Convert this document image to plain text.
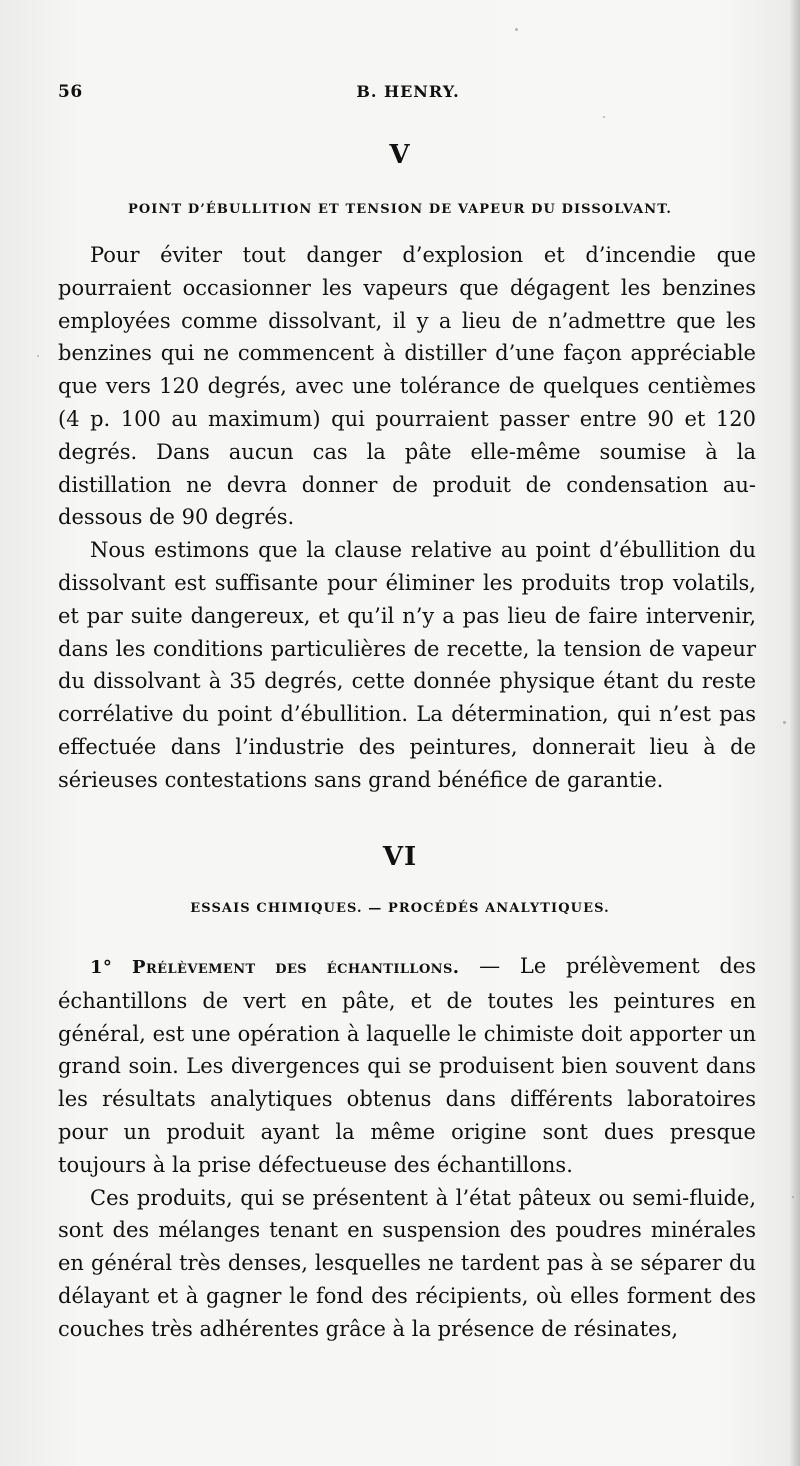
56	B. HENRY.
V
POINT D’ÉBULLITION ET TENSION DE VAPEUR DU DISSOLVANT.

Pour éviter tout danger d’explosion et d’incendie que pourraient occasionner les vapeurs que dégagent les benzines employées comme dissolvant, il y a lieu de n’admettre que les benzines qui ne commencent à distiller d’une façon appréciable que vers 120 degrés, avec une tolérance de quelques centièmes (4 p. 100 au maximum) qui pourraient passer entre 90 et 120 degrés. Dans aucun cas la pâte elle-même soumise à la distillation ne devra donner de produit de condensation au-dessous de 90 degrés.

Nous estimons que la clause relative au point d’ébullition du dissolvant est suffisante pour éliminer les produits trop volatils, et par suite dangereux, et qu’il n’y a pas lieu de faire intervenir, dans les conditions particulières de recette, la tension de vapeur du dissolvant à 35 degrés, cette donnée physique étant du reste corrélative du point d’ébullition. La détermination, qui n’est pas effectuée dans l’industrie des peintures, donnerait lieu à de sérieuses contestations sans grand bénéfice de garantie.

VI
ESSAIS CHIMIQUES. — PROCÉDÉS ANALYTIQUES.

1° Prélèvement des échantillons. — Le prélèvement des échantillons de vert en pâte, et de toutes les peintures en général, est une opération à laquelle le chimiste doit apporter un grand soin. Les divergences qui se produisent bien souvent dans les résultats analytiques obtenus dans différents laboratoires pour un produit ayant la même origine sont dues presque toujours à la prise défectueuse des échantillons.

Ces produits, qui se présentent à l’état pâteux ou semi-fluide, sont des mélanges tenant en suspension des poudres minérales en général très denses, lesquelles ne tardent pas à se séparer du délayant et à gagner le fond des récipients, où elles forment des couches très adhérentes grâce à la présence de résinates,
